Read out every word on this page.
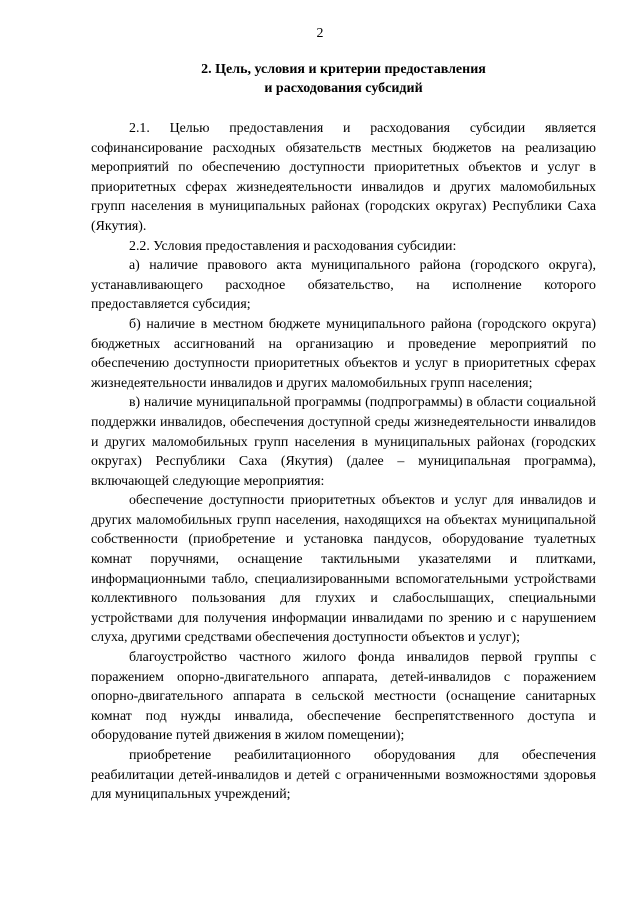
2
2. Цель, условия и критерии предоставления
и расходования субсидий

2.1. Целью предоставления и расходования субсидии является софинансирование расходных обязательств местных бюджетов на реализацию мероприятий по обеспечению доступности приоритетных объектов и услуг в приоритетных сферах жизнедеятельности инвалидов и других маломобильных групп населения в муниципальных районах (городских округах) Республики Саха (Якутия).

2.2. Условия предоставления и расходования субсидии:

а) наличие правового акта муниципального района (городского округа), устанавливающего расходное обязательство, на исполнение которого предоставляется субсидия;

б) наличие в местном бюджете муниципального района (городского округа) бюджетных ассигнований на организацию и проведение мероприятий по обеспечению доступности приоритетных объектов и услуг в приоритетных сферах жизнедеятельности инвалидов и других маломобильных групп населения;

в) наличие муниципальной программы (подпрограммы) в области социальной поддержки инвалидов, обеспечения доступной среды жизнедеятельности инвалидов и других маломобильных групп населения в муниципальных районах (городских округах) Республики Саха (Якутия) (далее – муниципальная программа), включающей следующие мероприятия:

обеспечение доступности приоритетных объектов и услуг для инвалидов и других маломобильных групп населения, находящихся на объектах муниципальной собственности (приобретение и установка пандусов, оборудование туалетных комнат поручнями, оснащение тактильными указателями и плитками, информационными табло, специализированными вспомогательными устройствами коллективного пользования для глухих и слабослышащих, специальными устройствами для получения информации инвалидами по зрению и с нарушением слуха, другими средствами обеспечения доступности объектов и услуг);

благоустройство частного жилого фонда инвалидов первой группы с поражением опорно-двигательного аппарата, детей-инвалидов с поражением опорно-двигательного аппарата в сельской местности (оснащение санитарных комнат под нужды инвалида, обеспечение беспрепятственного доступа и оборудование путей движения в жилом помещении);

приобретение реабилитационного оборудования для обеспечения реабилитации детей-инвалидов и детей с ограниченными возможностями здоровья для муниципальных учреждений;
